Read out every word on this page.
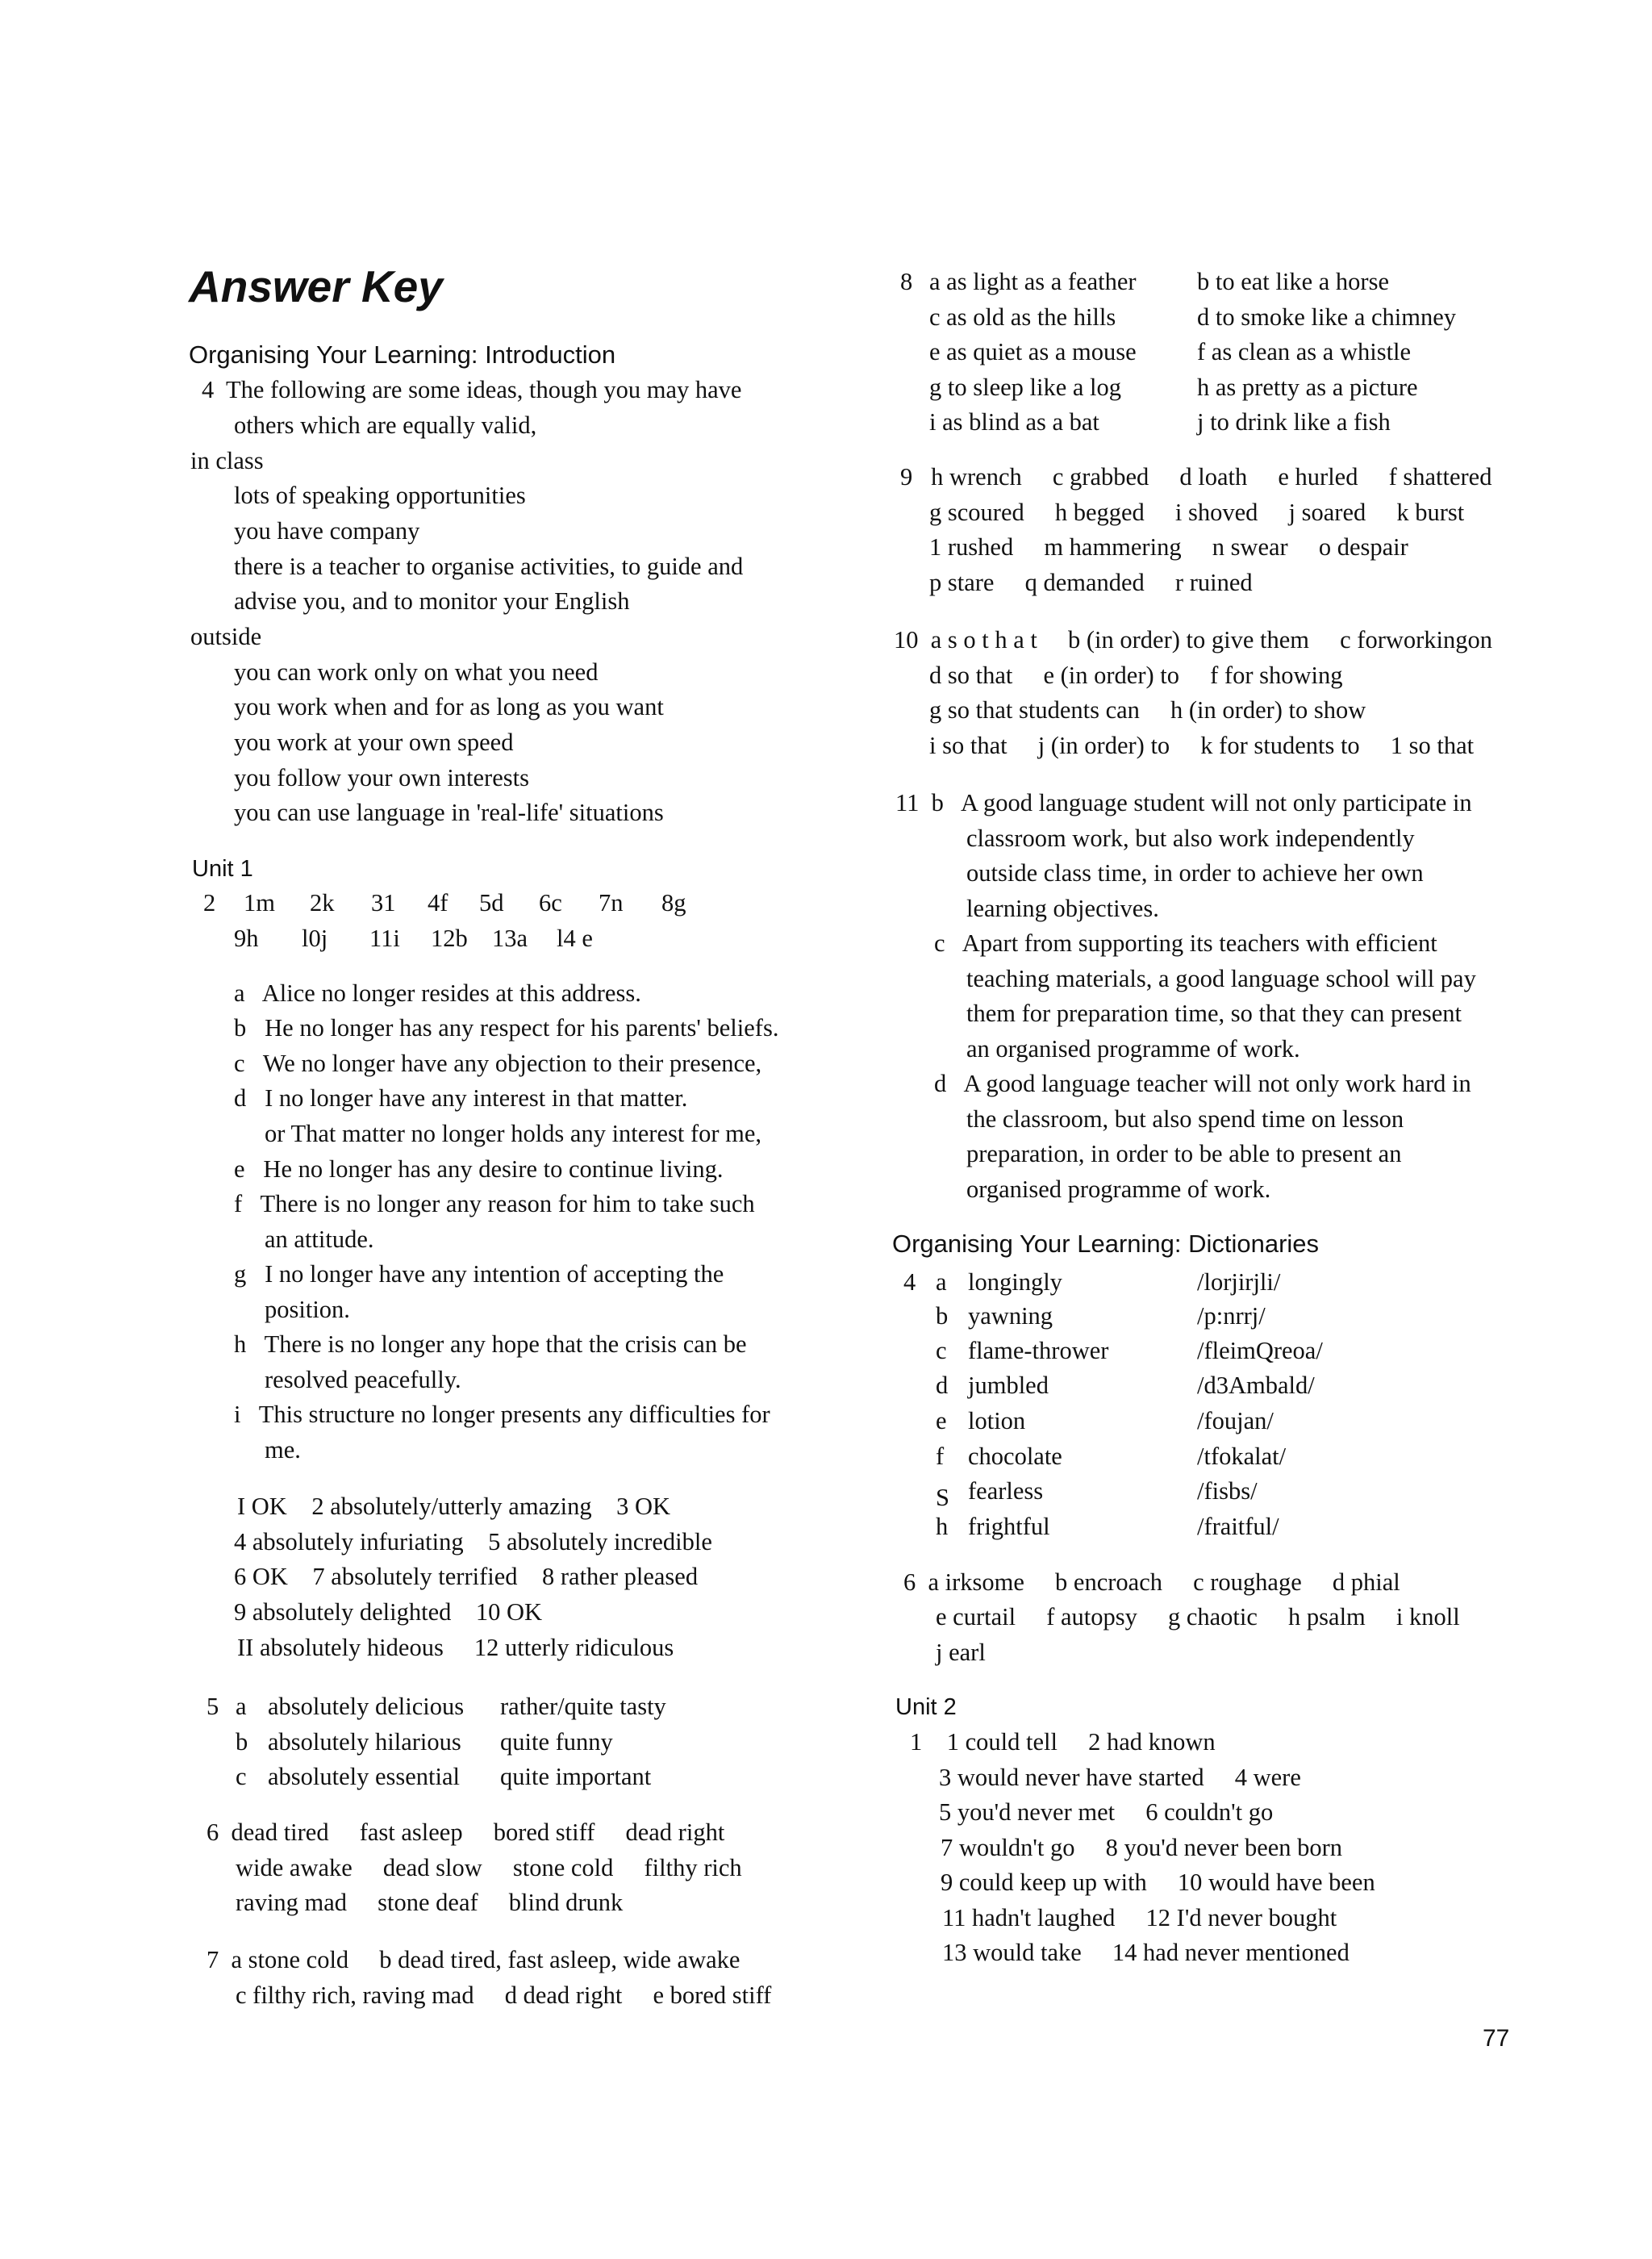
Answer Key
Organising Your Learning: Introduction
4  The following are some ideas, though you may have
others which are equally valid,
in class
lots of speaking opportunities
you have company
there is a teacher to organise activities, to guide and
advise you, and to monitor your English
outside
you can work only on what you need
you work when and for as long as you want
you work at your own speed
you follow your own interests
you can use language in 'real-life' situations
Unit 1
2 1m 2k 31 4f 5d 6c 7n 8g
9h l0j 11i 12b 13a l4 e
a   Alice no longer resides at this address.
b   He no longer has any respect for his parents' beliefs.
c   We no longer have any objection to their presence,
d   I no longer have any interest in that matter.
or That matter no longer holds any interest for me,
e   He no longer has any desire to continue living.
f   There is no longer any reason for him to take such
an attitude.
g   I no longer have any intention of accepting the
position.
h   There is no longer any hope that the crisis can be
resolved peacefully.
i   This structure no longer presents any difficulties for
me.
I OK    2 absolutely/utterly amazing    3 OK
4 absolutely infuriating    5 absolutely incredible
6 OK    7 absolutely terrified    8 rather pleased
9 absolutely delighted    10 OK
II absolutely hideous     12 utterly ridiculous
5 a absolutely delicious rather/quite tasty
b absolutely hilarious quite funny
c absolutely essential quite important
6  dead tired     fast asleep     bored stiff     dead right
wide awake     dead slow     stone cold     filthy rich
raving mad     stone deaf     blind drunk
7  a stone cold     b dead tired, fast asleep, wide awake
c filthy rich, raving mad     d dead right     e bored stiff
8 a as light as a feather b to eat like a horse
c as old as the hills	d to smoke like a chimney
e as quiet as a mouse f as clean as a whistle
g to sleep like a log	h as pretty as a picture
i as blind as a bat	j to drink like a fish
9   h wrench     c grabbed     d loath     e hurled     f shattered
g scoured     h begged     i shoved     j soared     k burst
1 rushed     m hammering     n swear     o despair
p stare     q demanded     r ruined
10  a s o t h a t     b (in order) to give them     c forworkingon
d so that     e (in order) to     f for showing
g so that students can     h (in order) to show
i so that     j (in order) to     k for students to     1 so that
11  b   A good language student will not only participate in
classroom work, but also work independently
outside class time, in order to achieve her own
learning objectives.
c   Apart from supporting its teachers with efficient
teaching materials, a good language school will pay
them for preparation time, so that they can present
an organised programme of work.
d   A good language teacher will not only work hard in
the classroom, but also spend time on lesson
preparation, in order to be able to present an
organised programme of work.
Organising Your Learning: Dictionaries
4 a longingly	/lorjirjli/
b yawning	/p:nrrj/
c flame-thrower	/fleimQreoa/
d jumbled	/d3Ambald/
e lotion	/foujan/
f chocolate	/tfokalat/
S fearless	/fisbs/
h frightful	/fraitful/
6  a irksome     b encroach     c roughage     d phial
e curtail     f autopsy     g chaotic     h psalm     i knoll
j earl
Unit 2
1    1 could tell     2 had known
3 would never have started     4 were
5 you'd never met     6 couldn't go
7 wouldn't go     8 you'd never been born
9 could keep up with     10 would have been
11 hadn't laughed     12 I'd never bought
13 would take     14 had never mentioned
77
